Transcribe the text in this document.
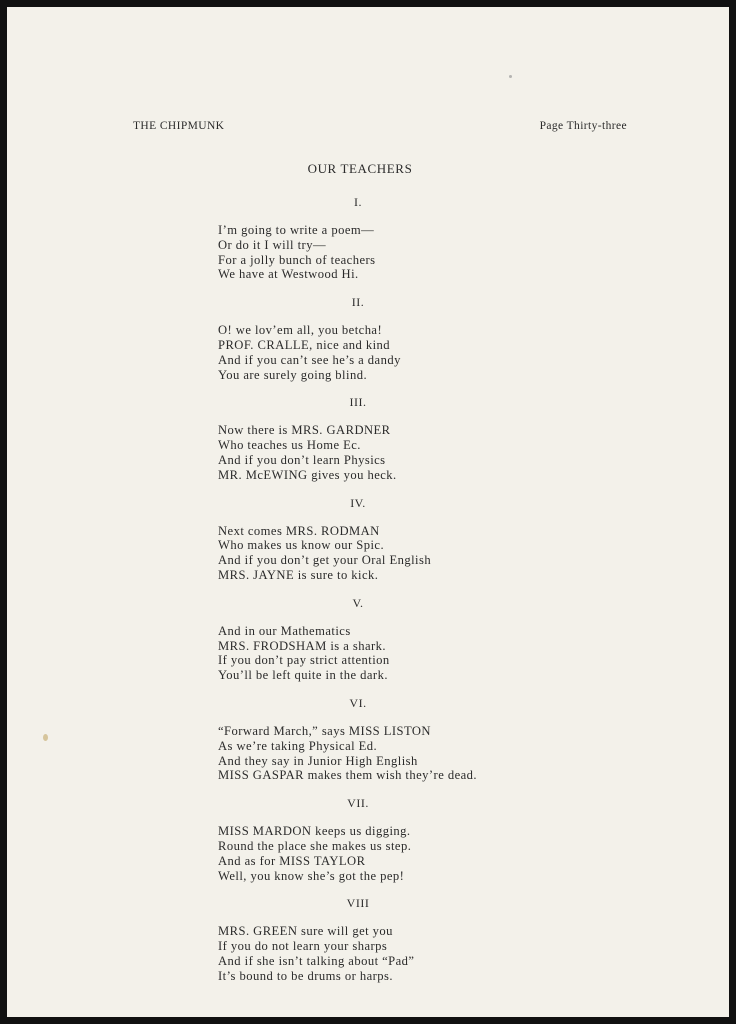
THE CHIPMUNK	Page Thirty-three
OUR TEACHERS
I.
I’m going to write a poem—
Or do it I will try—
For a jolly bunch of teachers
We have at Westwood Hi.
II.
O! we lov’em all, you betcha!
PROF. CRALLE, nice and kind
And if you can’t see he’s a dandy
You are surely going blind.
III.
Now there is MRS. GARDNER
Who teaches us Home Ec.
And if you don’t learn Physics
MR. McEWING gives you heck.
IV.
Next comes MRS. RODMAN
Who makes us know our Spic.
And if you don’t get your Oral English
MRS. JAYNE is sure to kick.
V.
And in our Mathematics
MRS. FRODSHAM is a shark.
If you don’t pay strict attention
You’ll be left quite in the dark.
VI.
“Forward March,” says MISS LISTON
As we’re taking Physical Ed.
And they say in Junior High English
MISS GASPAR makes them wish they’re dead.
VII.
MISS MARDON keeps us digging.
Round the place she makes us step.
And as for MISS TAYLOR
Well, you know she’s got the pep!
VIII
MRS. GREEN sure will get you
If you do not learn your sharps
And if she isn’t talking about “Pad”
It’s bound to be drums or harps.
